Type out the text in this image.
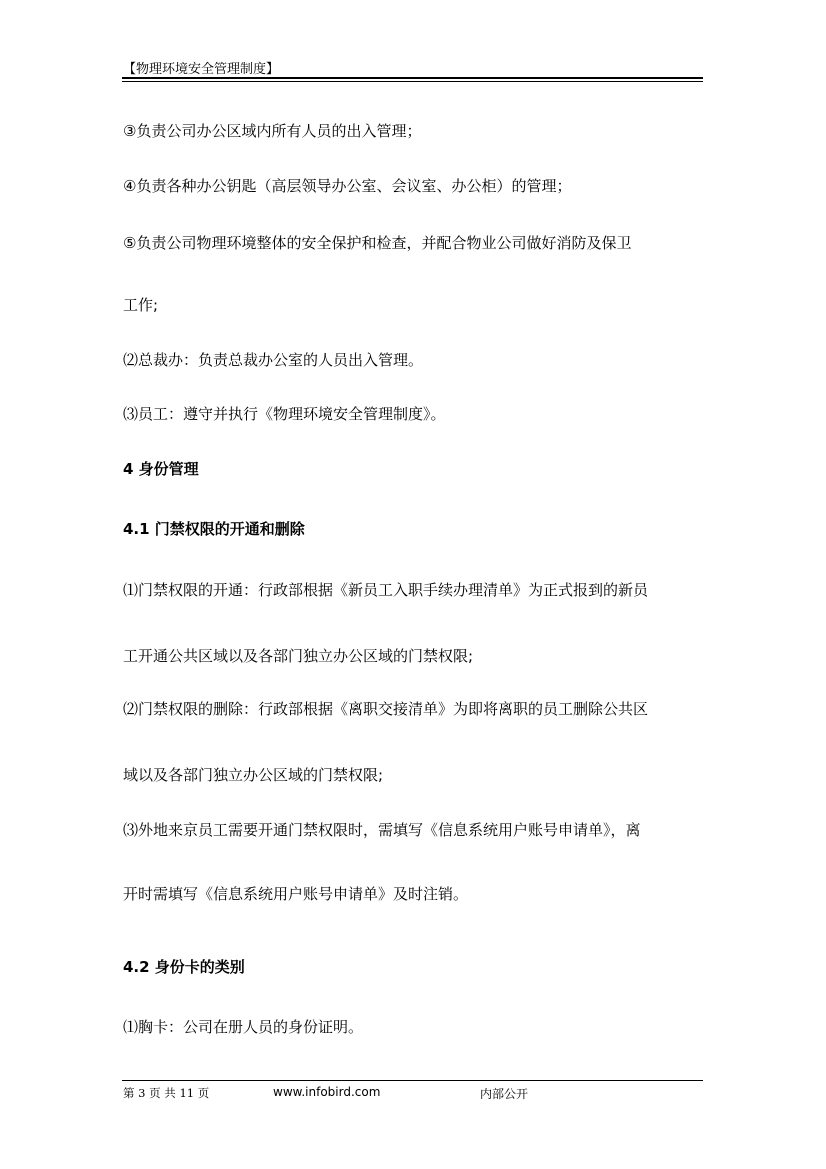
【物理环境安全管理制度】
③负责公司办公区域内所有人员的出入管理；
④负责各种办公钥匙（高层领导办公室、会议室、办公柜）的管理；
⑤负责公司物理环境整体的安全保护和检查，并配合物业公司做好消防及保卫
工作;
⑵总裁办：负责总裁办公室的人员出入管理。
⑶员工：遵守并执行《物理环境安全管理制度》。
4 身份管理
4.1 门禁权限的开通和删除
⑴门禁权限的开通：行政部根据《新员工入职手续办理清单》为正式报到的新员
工开通公共区域以及各部门独立办公区域的门禁权限;
⑵门禁权限的删除：行政部根据《离职交接清单》为即将离职的员工删除公共区
域以及各部门独立办公区域的门禁权限;
⑶外地来京员工需要开通门禁权限时，需填写《信息系统用户账号申请单》，离
开时需填写《信息系统用户账号申请单》及时注销。
4.2 身份卡的类别
⑴胸卡：公司在册人员的身份证明。
第 3 页 共 11 页	www.infobird.com	内部公开
